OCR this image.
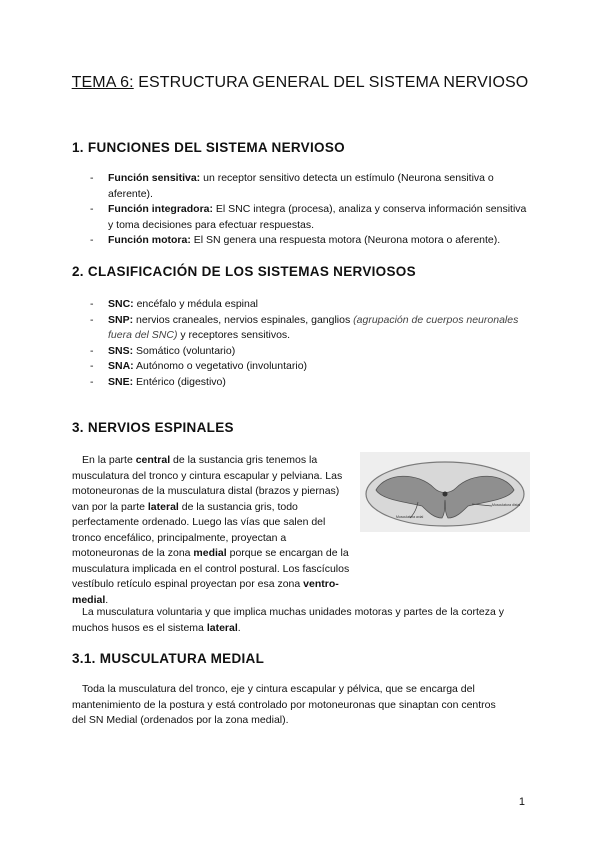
TEMA 6: ESTRUCTURA GENERAL DEL SISTEMA NERVIOSO
1. FUNCIONES DEL SISTEMA NERVIOSO
- Función sensitiva: un receptor sensitivo detecta un estímulo (Neurona sensitiva o aferente).
- Función integradora: El SNC integra (procesa), analiza y conserva información sensitiva y toma decisiones para efectuar respuestas.
- Función motora: El SN genera una respuesta motora (Neurona motora o aferente).
2. CLASIFICACIÓN DE LOS SISTEMAS NERVIOSOS
- SNC: encéfalo y médula espinal
- SNP: nervios craneales, nervios espinales, ganglios (agrupación de cuerpos neuronales fuera del SNC) y receptores sensitivos.
- SNS: Somático (voluntario)
- SNA: Autónomo o vegetativo (involuntario)
- SNE: Entérico (digestivo)
3. NERVIOS ESPINALES
Musculatura axial
Musculatura distal
En la parte central de la sustancia gris tenemos la musculatura del tronco y cintura escapular y pelviana. Las motoneuronas de la musculatura distal (brazos y piernas) van por la parte lateral de la sustancia gris, todo perfectamente ordenado. Luego las vías que salen del tronco encefálico, principalmente, proyectan a motoneuronas de la zona medial porque se encargan de la musculatura implicada en el control postural. Los fascículos vestíbulo retículo espinal proyectan por esa zona ventro-medial.
La musculatura voluntaria y que implica muchas unidades motoras y partes de la corteza y muchos husos es el sistema lateral.
3.1. MUSCULATURA MEDIAL
Toda la musculatura del tronco, eje y cintura escapular y pélvica, que se encarga del mantenimiento de la postura y está controlado por motoneuronas que sinaptan con centros del SN Medial (ordenados por la zona medial).
1
